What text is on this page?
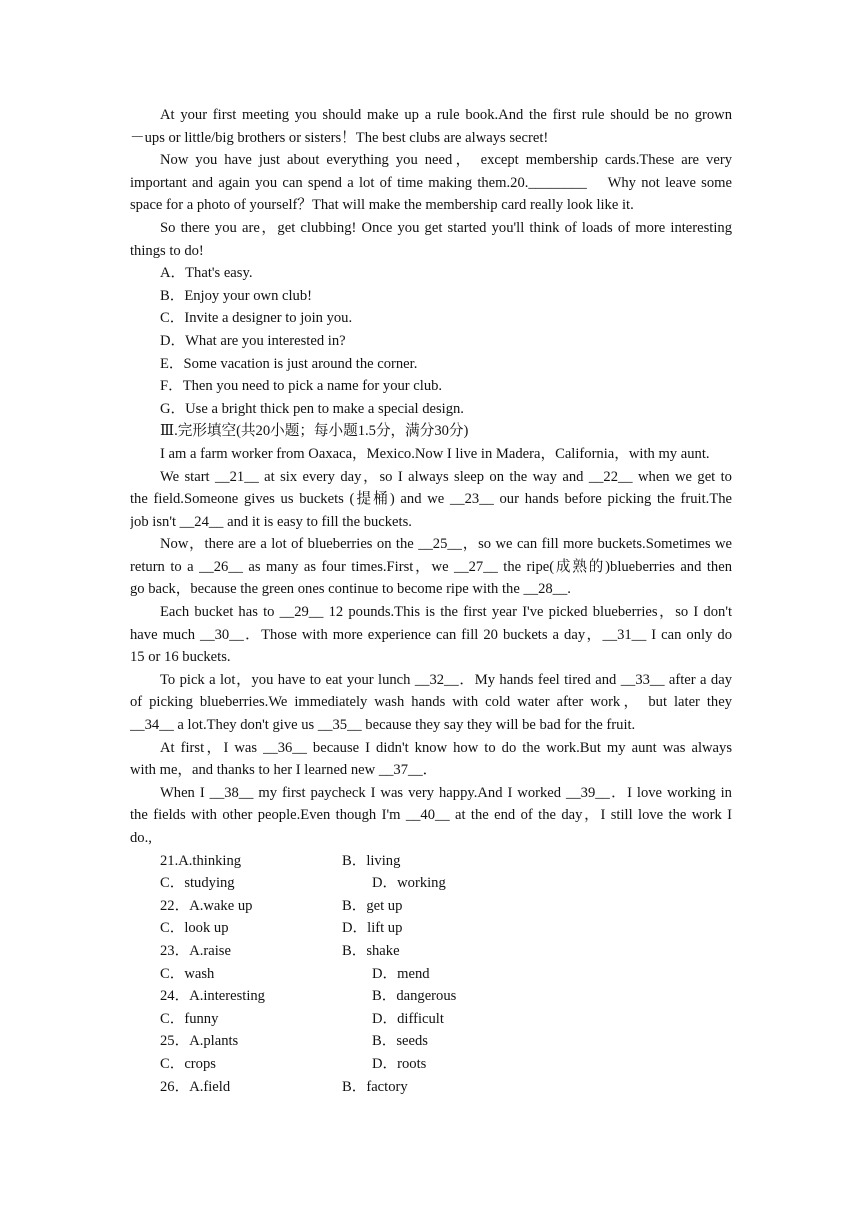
At your first meeting you should make up a rule book.And the first rule should be no grown
－ups or little/big brothers or sisters！The best clubs are always secret!
Now you have just about everything you need， except membership cards.These are very
important and again you can spend a lot of time making them.20.________    Why not leave some
space for a photo of yourself？That will make the membership card really look like it.
So there you are，get clubbing! Once you get started you'll think of loads of more interesting
things to do!
A．That's easy.
B．Enjoy your own club!
C．Invite a designer to join you.
D．What are you interested in?
E．Some vacation is just around the corner.
F．Then you need to pick a name for your club.
G．Use a bright thick pen to make a special design.
Ⅲ.完形填空(共20小题；每小题1.5分，满分30分)
I am a farm worker from Oaxaca，Mexico.Now I live in Madera，California，with my aunt.
We start __21__ at six every day，so I always sleep on the way and __22__ when we get to
the field.Someone gives us buckets (提桶) and we __23__ our hands before picking the fruit.The
job isn't __24__ and it is easy to fill the buckets.
Now，there are a lot of blueberries on the __25__，so we can fill more buckets.Sometimes we
return to a __26__ as many as four times.First，we __27__ the ripe(成熟的)blueberries and then
go back，because the green ones continue to become ripe with the __28__.
Each bucket has to __29__ 12 pounds.This is the first year I've picked blueberries，so I don't
have much __30__．Those with more experience can fill 20 buckets a day，__31__ I can only do
15 or 16 buckets.
To pick a lot，you have to eat your lunch __32__．My hands feel tired and __33__ after a day
of picking blueberries.We immediately wash hands with cold water after work， but later they
__34__ a lot.They don't give us __35__ because they say they will be bad for the fruit.
At first，I was __36__ because I didn't know how to do the work.But my aunt was always
with me，and thanks to her I learned new __37__．
When I __38__ my first paycheck I was very happy.And I worked __39__．I love working in
the fields with other people.Even though I'm __40__ at the end of the day，I still love the work I
do.,
21.A.thinking	B．living
C．studying	D．working
22．A.wake up	B．get up
C．look up	D．lift up
23．A.raise	B．shake
C．wash	D．mend
24．A.interesting	B．dangerous
C．funny	D．difficult
25．A.plants	B．seeds
C．crops	D．roots
26．A.field	B．factory
